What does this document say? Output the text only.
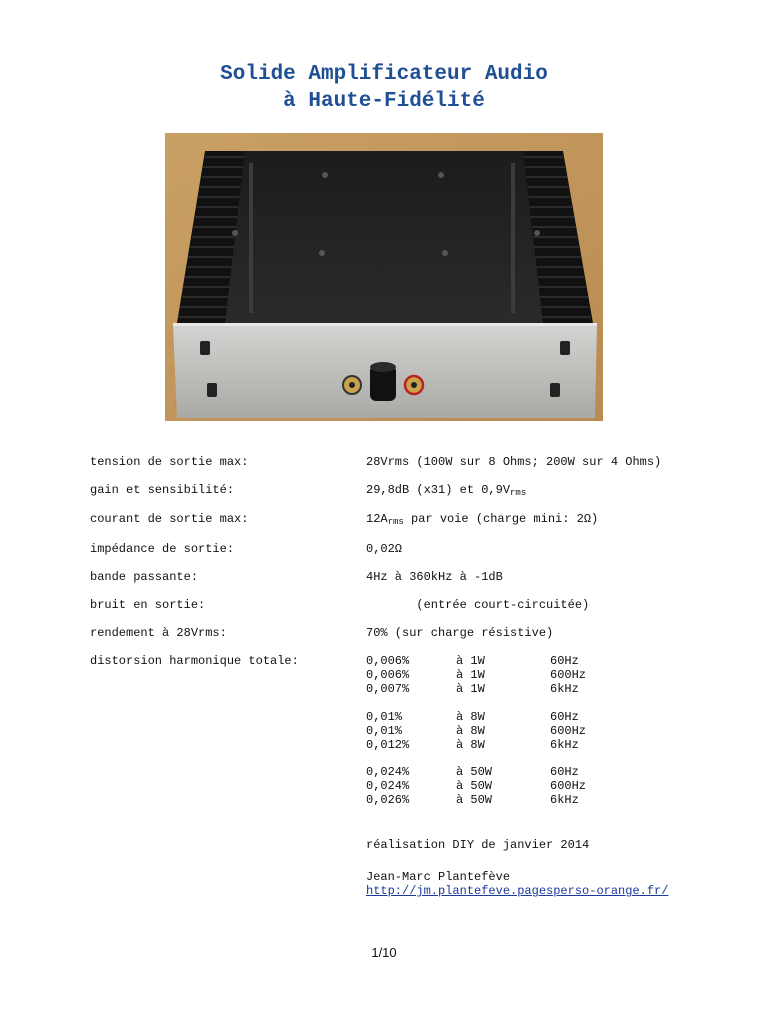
Solide Amplificateur Audio
à Haute-Fidélité
tension de sortie max:	28Vrms (100W sur 8 Ohms; 200W sur 4 Ohms)
gain et sensibilité:	29,8dB (x31) et $0,9V_{rms}$
courant de sortie max:	$12A_{rms}$ par voie (charge mini: 2Ω)
impédance de sortie:	0,02Ω
bande passante:	4Hz à 360kHz à -1dB
bruit en sortie:	(entrée court-circuitée)
rendement à 28Vrms:	70% (sur charge résistive)
distorsion harmonique totale:	0,006%	à 1W	60Hz
0,006%	à 1W	600Hz
0,007%	à 1W	6kHz
0,01%	à 8W	60Hz
0,01%	à 8W	600Hz
0,012%	à 8W	6kHz
0,024%	à 50W	60Hz
0,024%	à 50W	600Hz
0,026%	à 50W	6kHz
réalisation DIY de janvier 2014
Jean-Marc Plantefève
http://jm.plantefeve.pagesperso-orange.fr/
1/10
